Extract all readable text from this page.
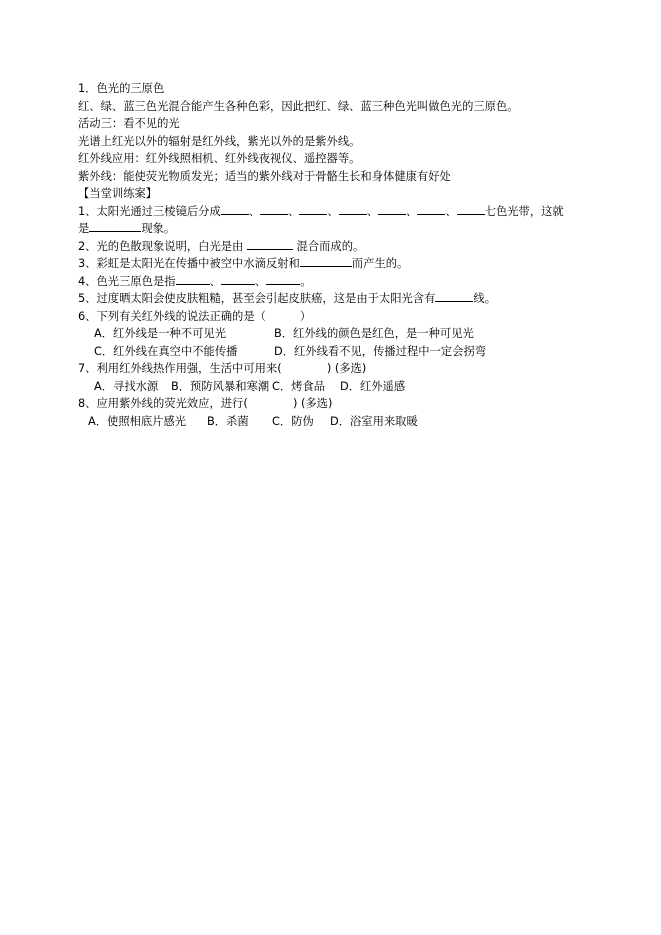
1．色光的三原色
红、绿、蓝三色光混合能产生各种色彩，因此把红、绿、蓝三种色光叫做色光的三原色。
活动三：看不见的光
光谱上红光以外的辐射是红外线，紫光以外的是紫外线。
红外线应用：红外线照相机、红外线夜视仪、遥控器等。
紫外线：能使荧光物质发光；适当的紫外线对于骨骼生长和身体健康有好处
【当堂训练案】
1、太阳光通过三棱镜后分成 、 、 、 、 、 、 七色光带，这就
是	现象。
2、光的色散现象说明，白光是由	混合而成的。
3、彩虹是太阳光在传播中被空中水滴反射和	而产生的。
4、色光三原色是指	、	、	。
5、过度晒太阳会使皮肤粗糙，甚至会引起皮肤癌，这是由于太阳光含有	线。
6、下列有关红外线的说法正确的是（　　　）
A．红外线是一种不可见光	B．红外线的颜色是红色，是一种可见光
C．红外线在真空中不能传播	D．红外线看不见，传播过程中一定会拐弯
7、利用红外线热作用强，生活中可用来(　　　　) (多选)
A．寻找水源 B．预防风暴和寒潮 C．烤食品 D．红外遥感
8、应用紫外线的荧光效应，进行(　　　　) (多选)
A．使照相底片感光 B．杀菌 C．防伪 D．浴室用来取暖
